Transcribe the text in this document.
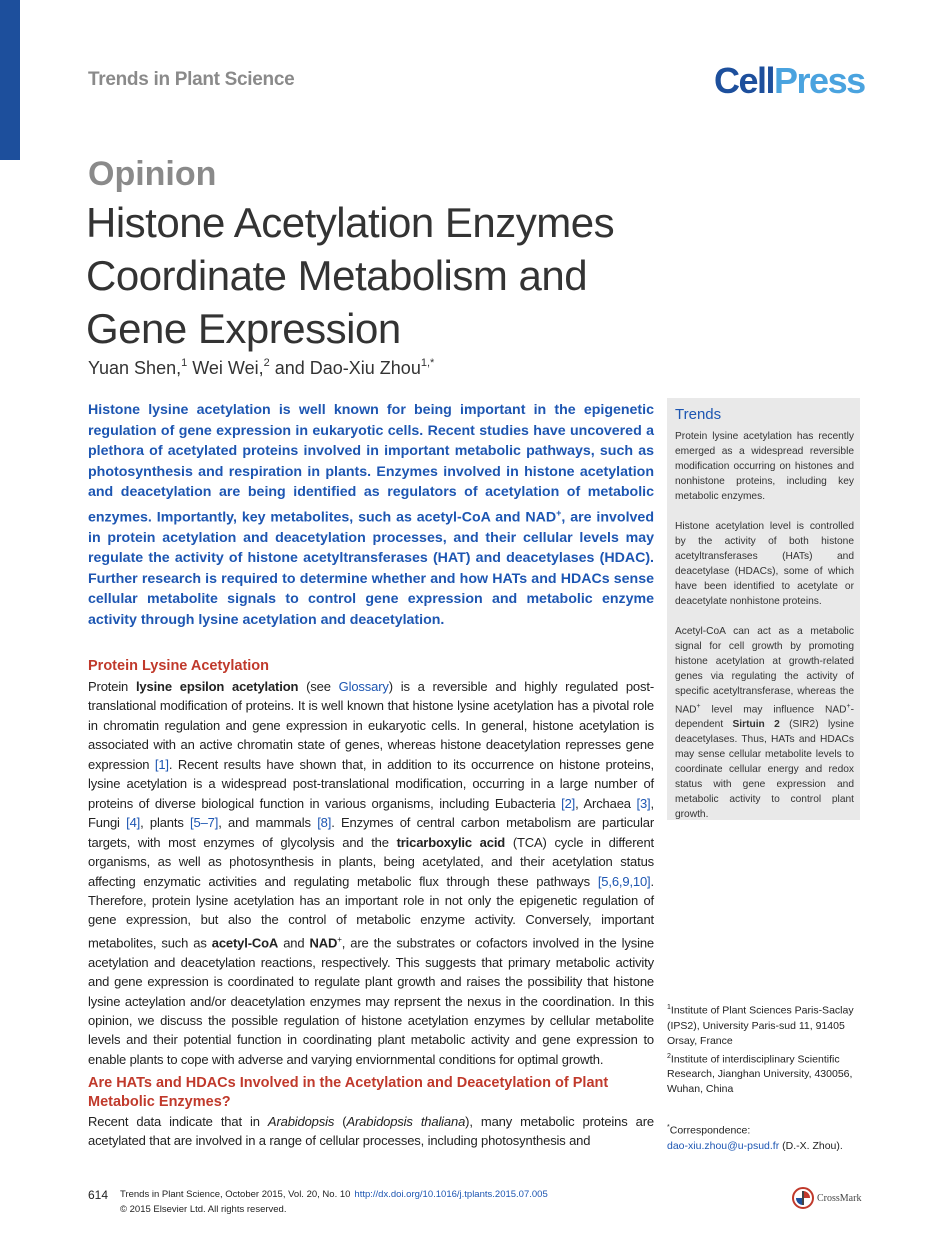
Trends in Plant Science	CellPress
Opinion
Histone Acetylation Enzymes Coordinate Metabolism and Gene Expression
Yuan Shen,$^1$ Wei Wei,$^2$ and Dao-Xiu Zhou$^{1,*}$

Histone lysine acetylation is well known for being important in the epigenetic regulation of gene expression in eukaryotic cells. Recent studies have uncovered a plethora of acetylated proteins involved in important metabolic pathways, such as photosynthesis and respiration in plants. Enzymes involved in histone acetylation and deacetylation are being identified as regulators of acetylation of metabolic enzymes. Importantly, key metabolites, such as acetyl-CoA and NAD+, are involved in protein acetylation and deacetylation processes, and their cellular levels may regulate the activity of histone acetyltransferases (HAT) and deacetylases (HDAC). Further research is required to determine whether and how HATs and HDACs sense cellular metabolite signals to control gene expression and metabolic enzyme activity through lysine acetylation and deacetylation.

Protein Lysine Acetylation

Protein lysine epsilon acetylation (see Glossary) is a reversible and highly regulated post-translational modification of proteins. It is well known that histone lysine acetylation has a pivotal role in chromatin regulation and gene expression in eukaryotic cells. In general, histone acetylation is associated with an active chromatin state of genes, whereas histone deacetylation represses gene expression [1]. Recent results have shown that, in addition to its occurrence on histone proteins, lysine acetylation is a widespread post-translational modification, occurring in a large number of proteins of diverse biological function in various organisms, including Eubacteria [2], Archaea [3], Fungi [4], plants [5–7], and mammals [8]. Enzymes of central carbon metabolism are particular targets, with most enzymes of glycolysis and the tricarboxylic acid (TCA) cycle in different organisms, as well as photosynthesis in plants, being acetylated, and their acetylation status affecting enzymatic activities and regulating metabolic flux through these pathways [5,6,9,10]. Therefore, protein lysine acetylation has an important role in not only the epigenetic regulation of gene expression, but also the control of metabolic enzyme activity. Conversely, important metabolites, such as acetyl-CoA and NAD+, are the substrates or cofactors involved in the lysine acetylation and deacetylation reactions, respectively. This suggests that primary metabolic activity and gene expression is coordinated to regulate plant growth and raises the possibility that histone lysine acteylation and/or deacetylation enzymes may reprsent the nexus in the coordination. In this opinion, we discuss the possible regulation of histone acetylation enzymes by cellular metabolite levels and their potential function in coordinating plant metabolic activity and gene expression to enable plants to cope with adverse and varying enviornmental conditions for optimal growth.

Are HATs and HDACs Involved in the Acetylation and Deacetylation of Plant Metabolic Enzymes?

Recent data indicate that in Arabidopsis (Arabidopsis thaliana), many metabolic proteins are acetylated that are involved in a range of cellular processes, including photosynthesis and

Trends

Protein lysine acetylation has recently emerged as a widespread reversible modification occurring on histones and nonhistone proteins, including key metabolic enzymes.

Histone acetylation level is controlled by the activity of both histone acetyltransferases (HATs) and deacetylase (HDACs), some of which have been identified to acetylate or deacetylate nonhistone proteins.

Acetyl-CoA can act as a metabolic signal for cell growth by promoting histone acetylation at growth-related genes via regulating the activity of specific acetyltransferase, whereas the NAD+ level may influence NAD+-dependent Sirtuin 2 (SIR2) lysine deacetylases. Thus, HATs and HDACs may sense cellular metabolite levels to coordinate cellular energy and redox status with gene expression and metabolic activity to control plant growth.

$^1$Institute of Plant Sciences Paris-Saclay (IPS2), University Paris-sud 11, 91405 Orsay, France
$^2$Institute of interdisciplinary Scientific Research, Jianghan University, 430056, Wuhan, China
*Correspondence:
dao-xiu.zhou@u-psud.fr (D.-X. Zhou).
614 Trends in Plant Science, October 2015, Vol. 20, No. 10 http://dx.doi.org/10.1016/j.tplants.2015.07.005
© 2015 Elsevier Ltd. All rights reserved.
CrossMark
